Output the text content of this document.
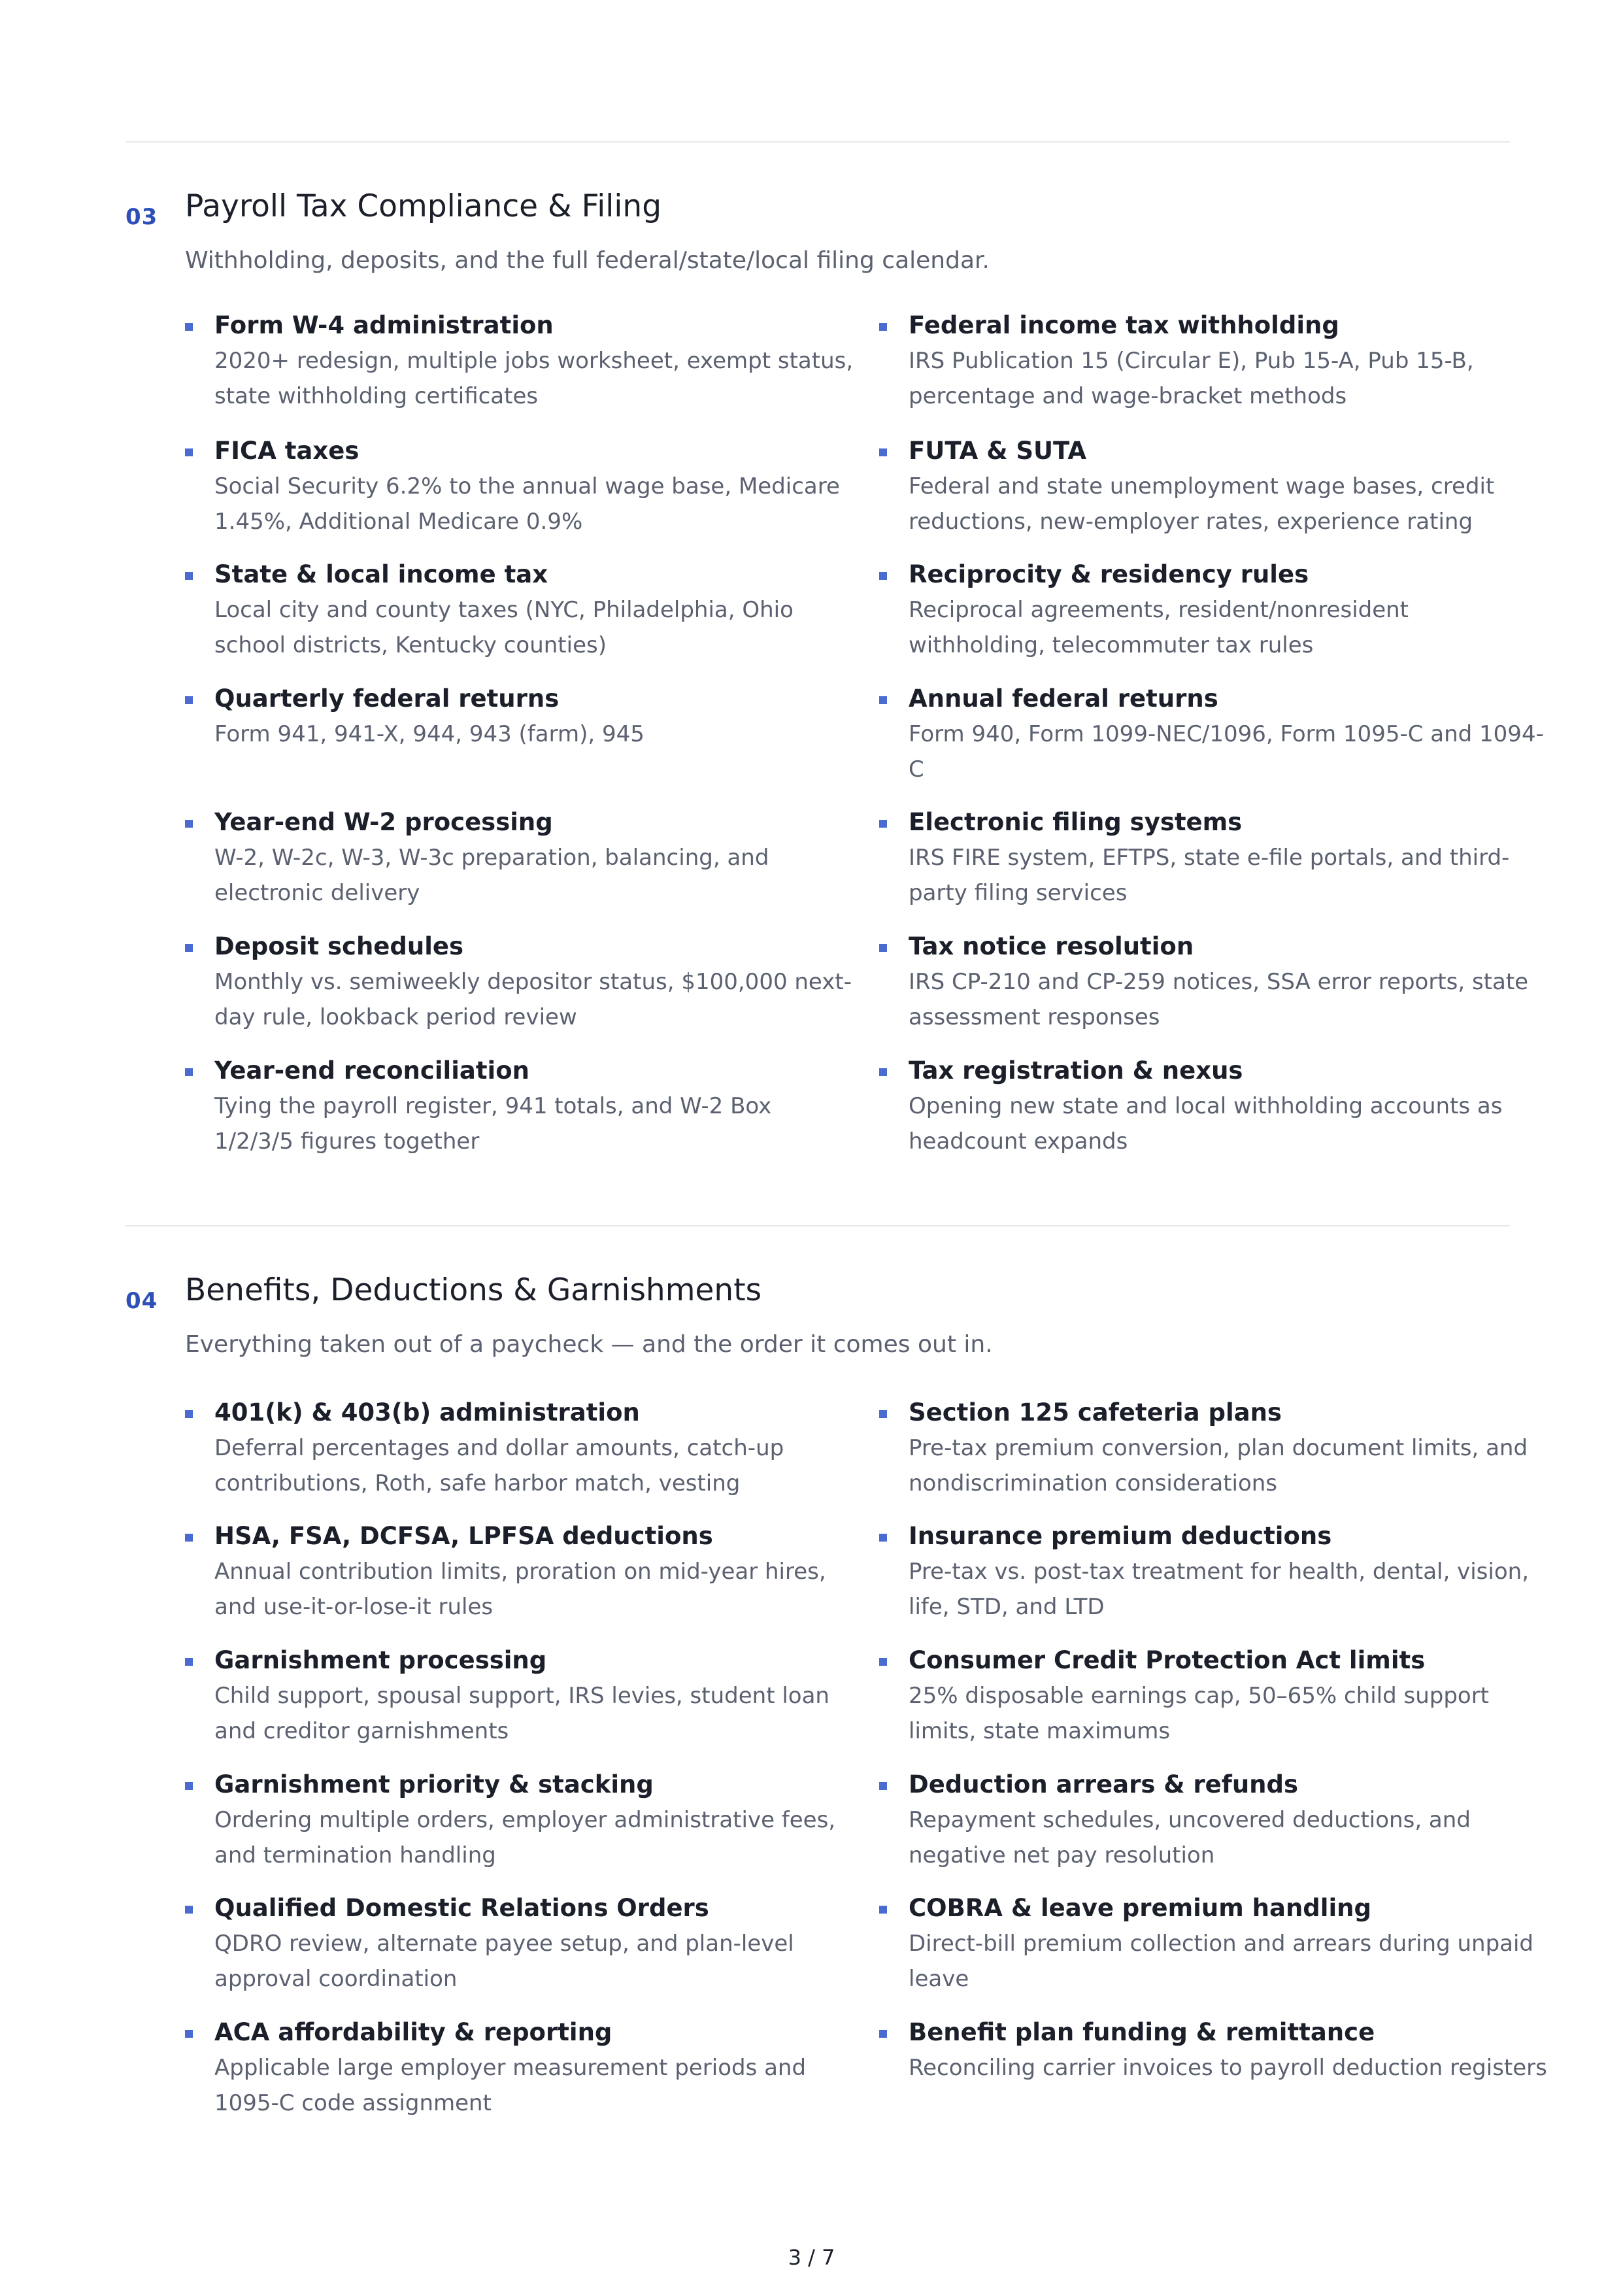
03 Payroll Tax Compliance & Filing
Withholding, deposits, and the full federal/state/local filing calendar.
Form W-4 administration
2020+ redesign, multiple jobs worksheet, exempt status, state withholding certificates
Federal income tax withholding
IRS Publication 15 (Circular E), Pub 15-A, Pub 15-B, percentage and wage-bracket methods
FICA taxes
Social Security 6.2% to the annual wage base, Medicare 1.45%, Additional Medicare 0.9%
FUTA & SUTA
Federal and state unemployment wage bases, credit reductions, new-employer rates, experience rating
State & local income tax
Local city and county taxes (NYC, Philadelphia, Ohio school districts, Kentucky counties)
Reciprocity & residency rules
Reciprocal agreements, resident/nonresident withholding, telecommuter tax rules
Quarterly federal returns
Form 941, 941-X, 944, 943 (farm), 945
Annual federal returns
Form 940, Form 1099-NEC/1096, Form 1095-C and 1094-C
Year-end W-2 processing
W-2, W-2c, W-3, W-3c preparation, balancing, and electronic delivery
Electronic filing systems
IRS FIRE system, EFTPS, state e-file portals, and third-party filing services
Deposit schedules
Monthly vs. semiweekly depositor status, $100,000 next-day rule, lookback period review
Tax notice resolution
IRS CP-210 and CP-259 notices, SSA error reports, state assessment responses
Year-end reconciliation
Tying the payroll register, 941 totals, and W-2 Box 1/2/3/5 figures together
Tax registration & nexus
Opening new state and local withholding accounts as headcount expands
04 Benefits, Deductions & Garnishments
Everything taken out of a paycheck — and the order it comes out in.
401(k) & 403(b) administration
Deferral percentages and dollar amounts, catch-up contributions, Roth, safe harbor match, vesting
Section 125 cafeteria plans
Pre-tax premium conversion, plan document limits, and nondiscrimination considerations
HSA, FSA, DCFSA, LPFSA deductions
Annual contribution limits, proration on mid-year hires, and use-it-or-lose-it rules
Insurance premium deductions
Pre-tax vs. post-tax treatment for health, dental, vision, life, STD, and LTD
Garnishment processing
Child support, spousal support, IRS levies, student loan and creditor garnishments
Consumer Credit Protection Act limits
25% disposable earnings cap, 50–65% child support limits, state maximums
Garnishment priority & stacking
Ordering multiple orders, employer administrative fees, and termination handling
Deduction arrears & refunds
Repayment schedules, uncovered deductions, and negative net pay resolution
Qualified Domestic Relations Orders
QDRO review, alternate payee setup, and plan-level approval coordination
COBRA & leave premium handling
Direct-bill premium collection and arrears during unpaid leave
ACA affordability & reporting
Applicable large employer measurement periods and 1095-C code assignment
Benefit plan funding & remittance
Reconciling carrier invoices to payroll deduction registers
3 / 7
